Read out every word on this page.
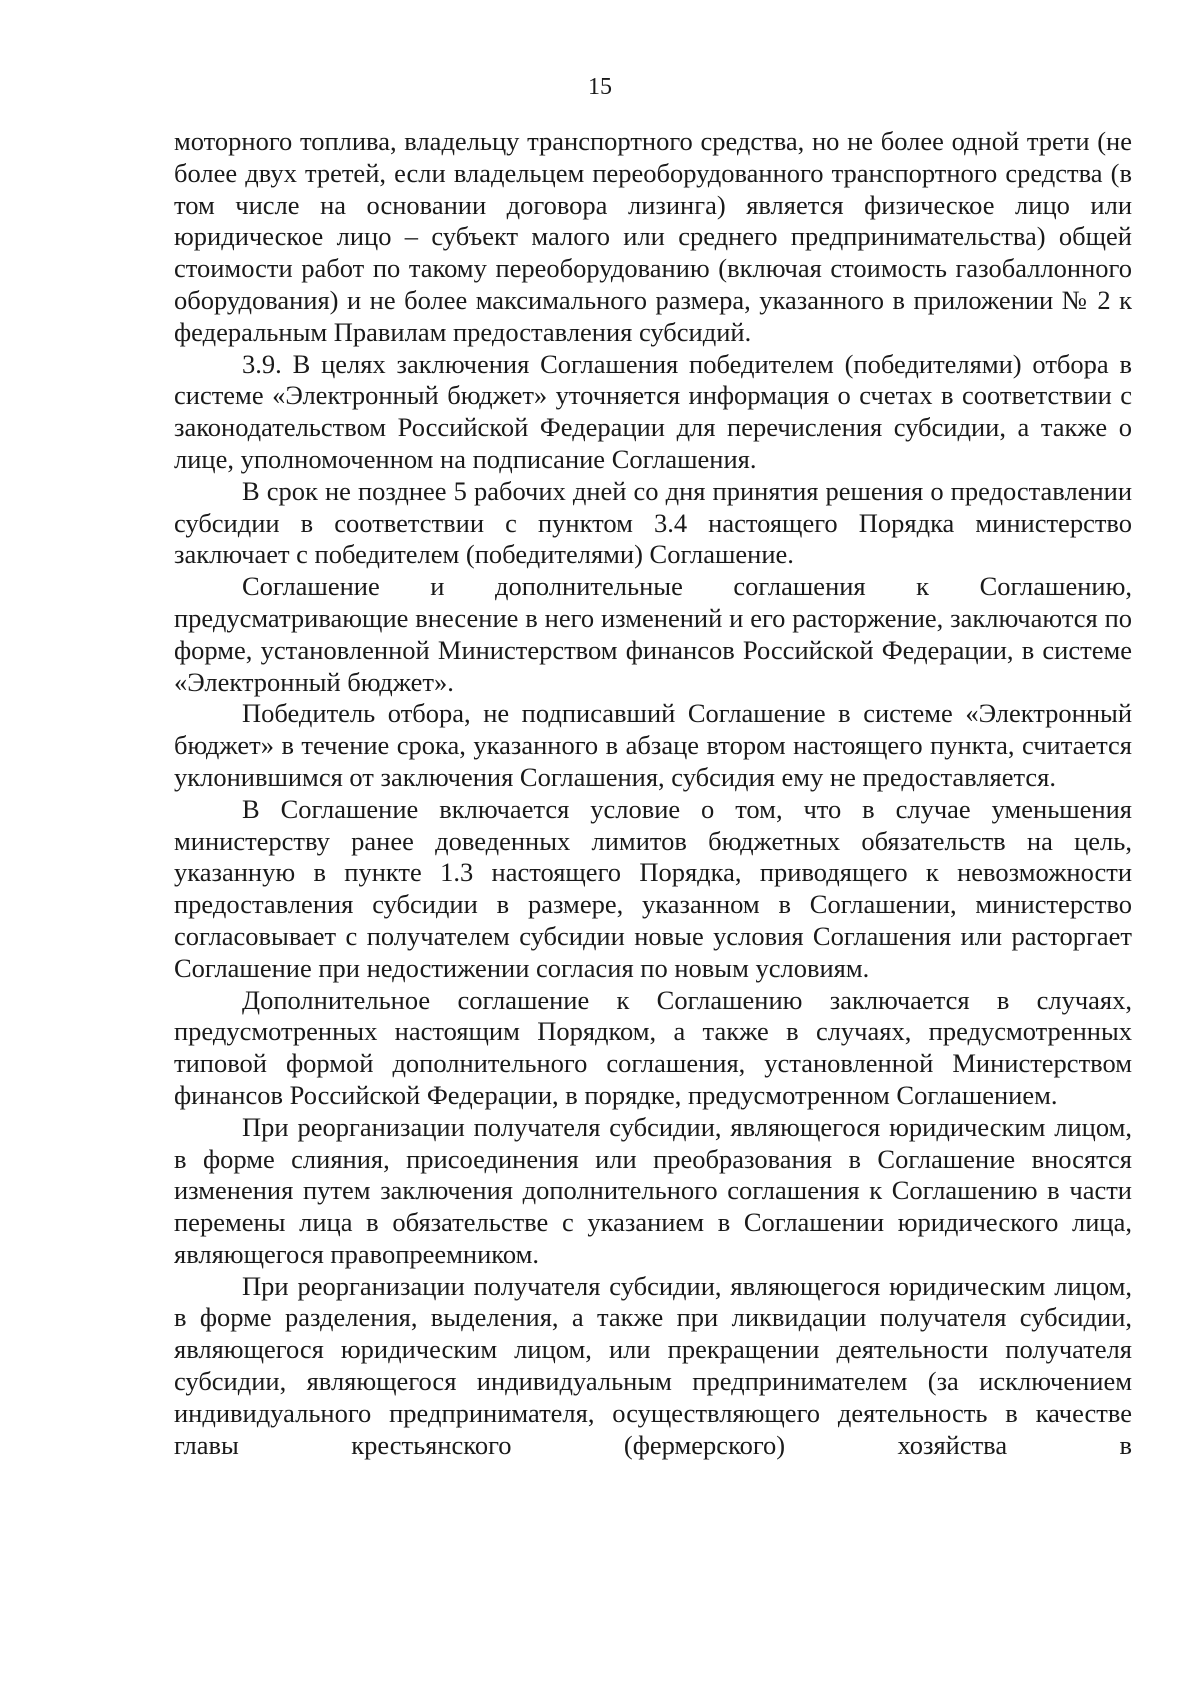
15

моторного топлива, владельцу транспортного средства, но не более одной трети (не более двух третей, если владельцем переоборудованного транспортного средства (в том числе на основании договора лизинга) является физическое лицо или юридическое лицо – субъект малого или среднего предпринимательства) общей стоимости работ по такому переоборудованию (включая стоимость газобаллонного оборудования) и не более максимального размера, указанного в приложении № 2 к федеральным Правилам предоставления субсидий.

3.9. В целях заключения Соглашения победителем (победителями) отбора в системе «Электронный бюджет» уточняется информация о счетах в соответствии с законодательством Российской Федерации для перечисления субсидии, а также о лице, уполномоченном на подписание Соглашения.

В срок не позднее 5 рабочих дней со дня принятия решения о предоставлении субсидии в соответствии с пунктом 3.4 настоящего Порядка министерство заключает с победителем (победителями) Соглашение.

Соглашение и дополнительные соглашения к Соглашению, предусматривающие внесение в него изменений и его расторжение, заключаются по форме, установленной Министерством финансов Российской Федерации, в системе «Электронный бюджет».

Победитель отбора, не подписавший Соглашение в системе «Электронный бюджет» в течение срока, указанного в абзаце втором настоящего пункта, считается уклонившимся от заключения Соглашения, субсидия ему не предоставляется.

В Соглашение включается условие о том, что в случае уменьшения министерству ранее доведенных лимитов бюджетных обязательств на цель, указанную в пункте 1.3 настоящего Порядка, приводящего к невозможности предоставления субсидии в размере, указанном в Соглашении, министерство согласовывает с получателем субсидии новые условия Соглашения или расторгает Соглашение при недостижении согласия по новым условиям.

Дополнительное соглашение к Соглашению заключается в случаях, предусмотренных настоящим Порядком, а также в случаях, предусмотренных типовой формой дополнительного соглашения, установленной Министерством финансов Российской Федерации, в порядке, предусмотренном Соглашением.

При реорганизации получателя субсидии, являющегося юридическим лицом, в форме слияния, присоединения или преобразования в Соглашение вносятся изменения путем заключения дополнительного соглашения к Соглашению в части перемены лица в обязательстве с указанием в Соглашении юридического лица, являющегося правопреемником.

При реорганизации получателя субсидии, являющегося юридическим лицом, в форме разделения, выделения, а также при ликвидации получателя субсидии, являющегося юридическим лицом, или прекращении деятельности получателя субсидии, являющегося индивидуальным предпринимателем (за исключением индивидуального предпринимателя, осуществляющего деятельность в качестве главы крестьянского (фермерского) хозяйства в
